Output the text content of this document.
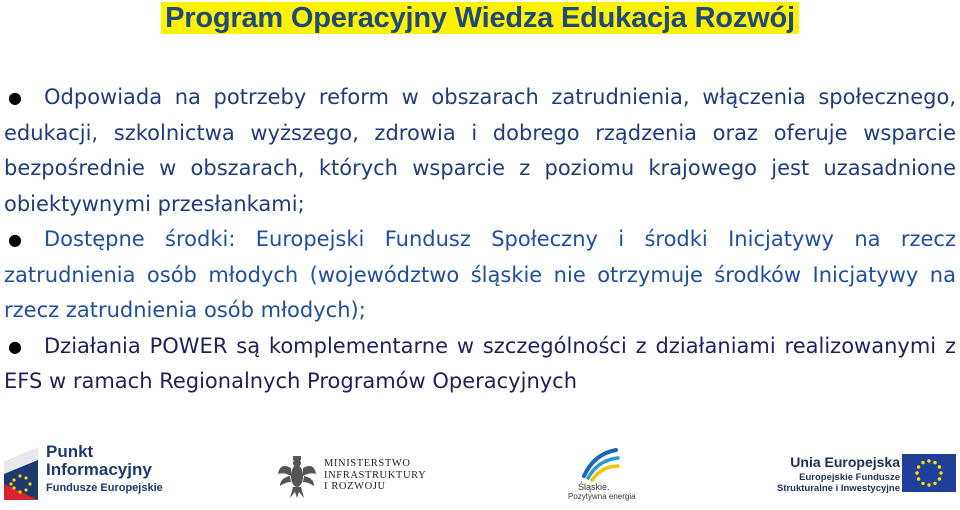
Program Operacyjny Wiedza Edukacja Rozwój

● Odpowiada na potrzeby reform w obszarach zatrudnienia, włączenia społecznego, edukacji, szkolnictwa wyższego, zdrowia i dobrego rządzenia oraz oferuje wsparcie bezpośrednie w obszarach, których wsparcie z poziomu krajowego jest uzasadnione obiektywnymi przesłankami;

● Dostępne środki: Europejski Fundusz Społeczny i środki Inicjatywy na rzecz zatrudnienia osób młodych (województwo śląskie nie otrzymuje środków Inicjatywy na rzecz zatrudnienia osób młodych);

● Działania POWER są komplementarne w szczególności z działaniami realizowanymi z EFS w ramach Regionalnych Programów Operacyjnych

Punkt
Informacyjny
Fundusze Europejskie
MINISTERSTWO
INFRASTRUKTURY
I ROZWOJU	Śląskie.
Pozytywna energia
Unia Europejska
Europejskie Fundusze
Strukturalne i Inwestycyjne
